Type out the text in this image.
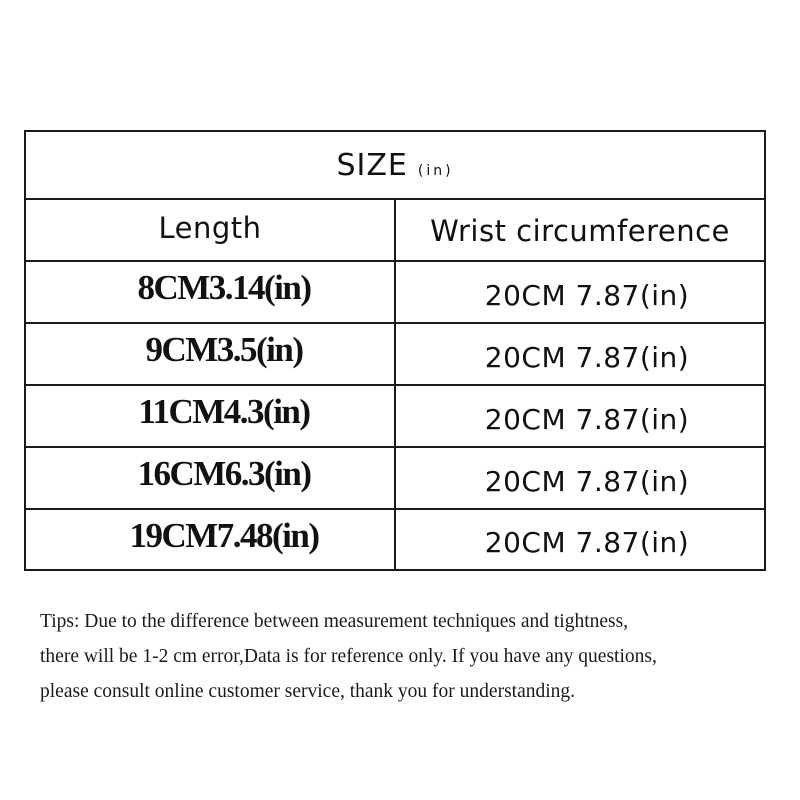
SIZE (in)
Length	Wrist circumference
8CM3.14(in)	20CM 7.87(in)
9CM3.5(in)	20CM 7.87(in)
11CM4.3(in)	20CM 7.87(in)
16CM6.3(in)	20CM 7.87(in)
19CM7.48(in)	20CM 7.87(in)
Tips: Due to the difference between measurement techniques and tightness,
there will be 1-2 cm error,Data is for reference only. If you have any questions,
please consult online customer service, thank you for understanding.
